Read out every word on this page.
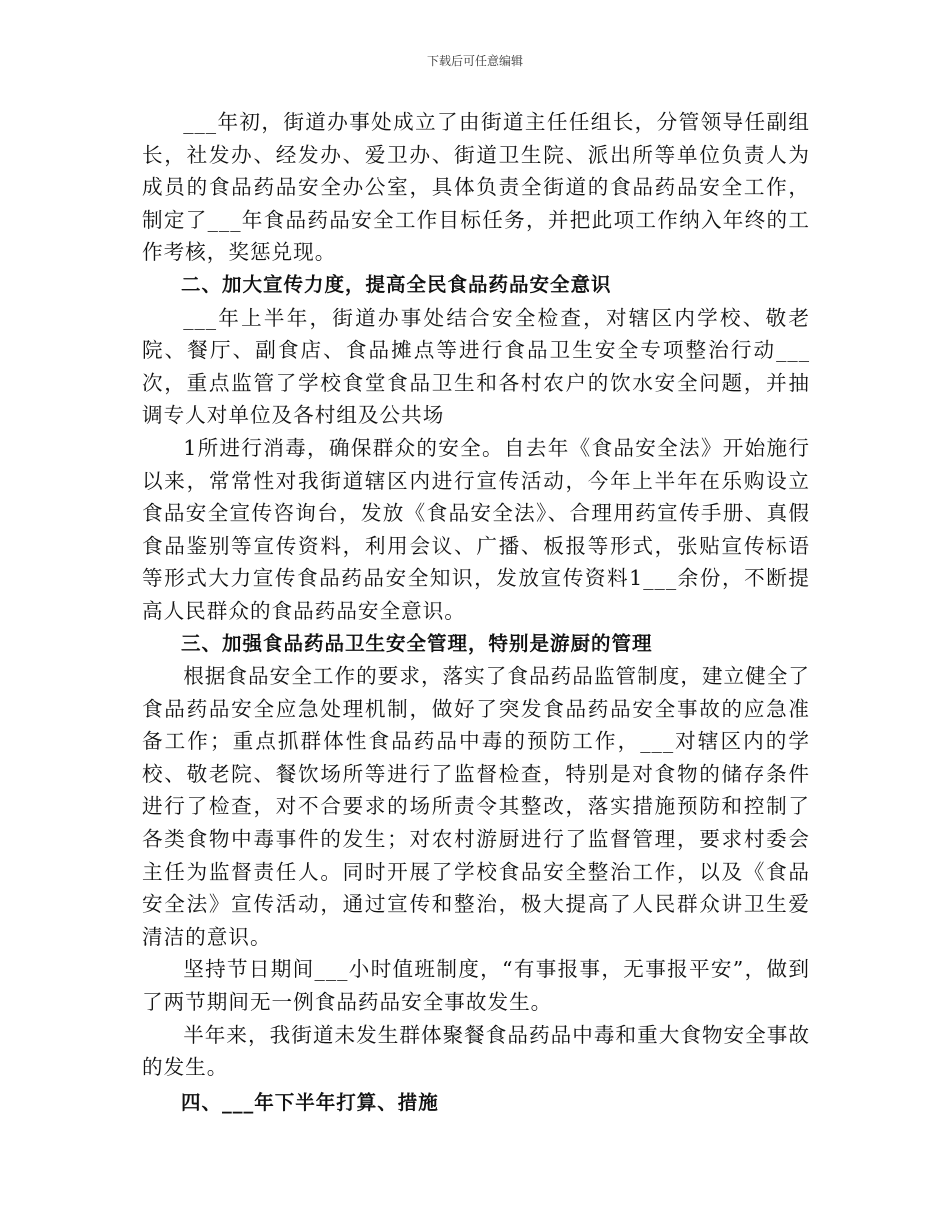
下载后可任意编辑

___年初，街道办事处成立了由街道主任任组长，分管领导任副组长，社发办、经发办、爱卫办、街道卫生院、派出所等单位负责人为成员的食品药品安全办公室，具体负责全街道的食品药品安全工作，制定了___年食品药品安全工作目标任务，并把此项工作纳入年终的工作考核，奖惩兑现。

二、加大宣传力度，提高全民食品药品安全意识

___年上半年，街道办事处结合安全检查，对辖区内学校、敬老院、餐厅、副食店、食品摊点等进行食品卫生安全专项整治行动___次，重点监管了学校食堂食品卫生和各村农户的饮水安全问题，并抽调专人对单位及各村组及公共场

1所进行消毒，确保群众的安全。自去年《食品安全法》开始施行以来，常常性对我街道辖区内进行宣传活动，今年上半年在乐购设立食品安全宣传咨询台，发放《食品安全法》、合理用药宣传手册、真假食品鉴别等宣传资料，利用会议、广播、板报等形式，张贴宣传标语等形式大力宣传食品药品安全知识，发放宣传资料1___余份，不断提高人民群众的食品药品安全意识。

三、加强食品药品卫生安全管理，特别是游厨的管理

根据食品安全工作的要求，落实了食品药品监管制度，建立健全了食品药品安全应急处理机制，做好了突发食品药品安全事故的应急准备工作；重点抓群体性食品药品中毒的预防工作，___对辖区内的学校、敬老院、餐饮场所等进行了监督检查，特别是对食物的储存条件进行了检查，对不合要求的场所责令其整改，落实措施预防和控制了各类食物中毒事件的发生；对农村游厨进行了监督管理，要求村委会主任为监督责任人。同时开展了学校食品安全整治工作，以及《食品安全法》宣传活动，通过宣传和整治，极大提高了人民群众讲卫生爱清洁的意识。

坚持节日期间___小时值班制度，“有事报事，无事报平安”，做到了两节期间无一例食品药品安全事故发生。

半年来，我街道未发生群体聚餐食品药品中毒和重大食物安全事故的发生。

四、___年下半年打算、措施
